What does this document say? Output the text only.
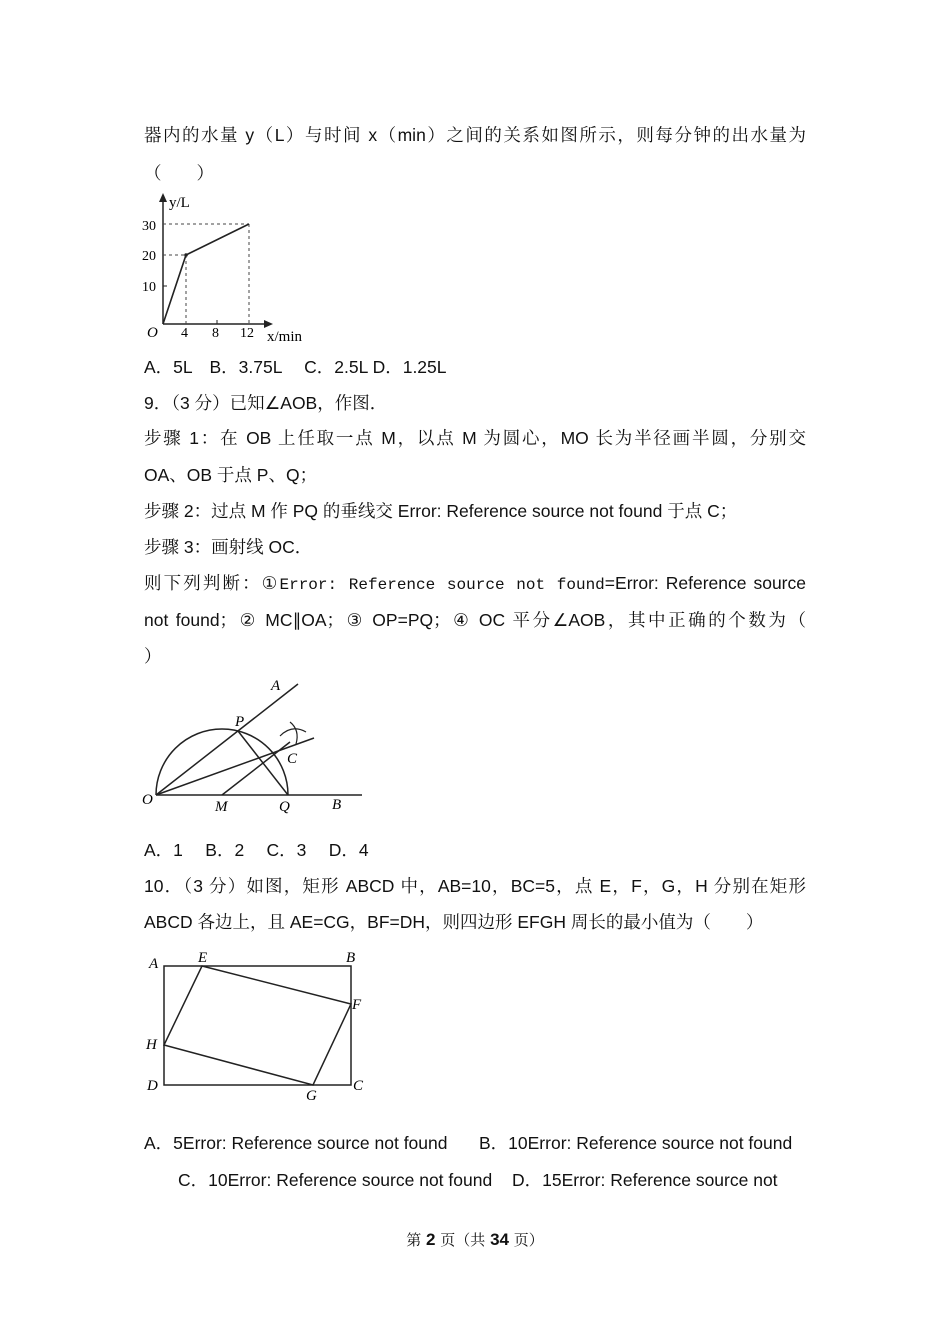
器内的水量 y（L）与时间 x（min）之间的关系如图所示，则每分钟的出水量为
（　　）
y/L
30
20
10
O 4 8 12 x/min
A．5L　B．3.75L　 C．2.5L D．1.25L
9．（3 分）已知∠AOB，作图．
步骤 1：在 OB 上任取一点 M，以点 M 为圆心，MO 长为半径画半圆，分别交
OA、OB 于点 P、Q；
步骤 2：过点 M 作 PQ 的垂线交 Error: Reference source not found 于点 C；
步骤 3：画射线 OC．
则下列判断：①Error: Reference source not found=Error: Reference source
not found；② MC∥OA；③ OP=PQ；④ OC 平分∠AOB，其中正确的个数为（
）
A
P
C
O	M	Q	B
A．1　 B．2　 C．3　 D．4
10．（3 分）如图，矩形 ABCD 中，AB=10，BC=5，点 E，F，G，H 分别在矩形
ABCD 各边上，且 AE=CG，BF=DH，则四边形 EFGH 周长的最小值为（　　）
A	E	B
F
H
D
G
C
A．5Error: Reference source not found B．10Error: Reference source not found
C．10Error: Reference source not found D．15Error: Reference source not
第 2 页（共 34 页）
